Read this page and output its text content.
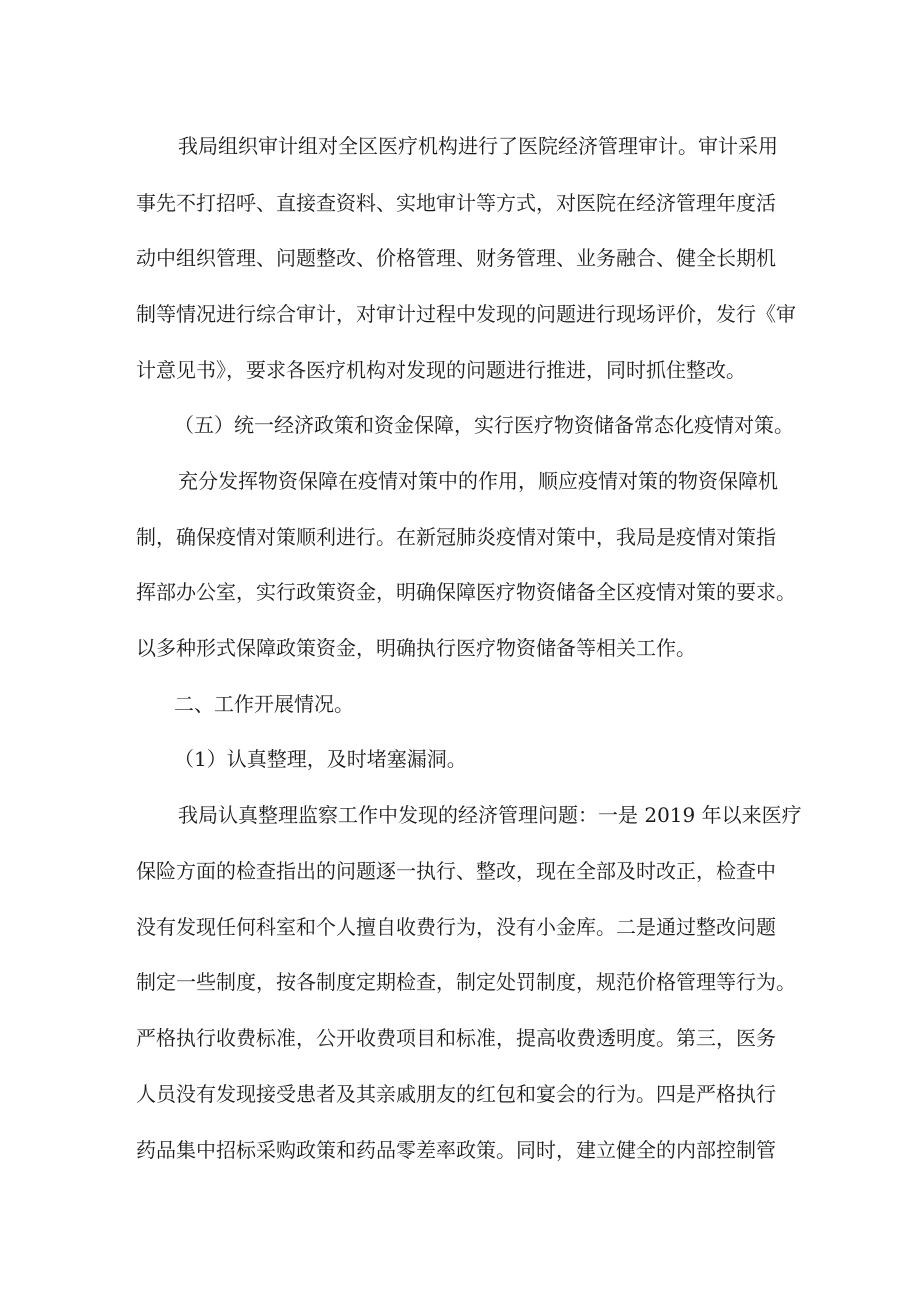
我局组织审计组对全区医疗机构进行了医院经济管理审计。审计采用
事先不打招呼、直接查资料、实地审计等方式，对医院在经济管理年度活
动中组织管理、问题整改、价格管理、财务管理、业务融合、健全长期机
制等情况进行综合审计，对审计过程中发现的问题进行现场评价，发行《审
计意见书》，要求各医疗机构对发现的问题进行推进，同时抓住整改。
（五）统一经济政策和资金保障，实行医疗物资储备常态化疫情对策。
充分发挥物资保障在疫情对策中的作用，顺应疫情对策的物资保障机
制，确保疫情对策顺利进行。在新冠肺炎疫情对策中，我局是疫情对策指
挥部办公室，实行政策资金，明确保障医疗物资储备全区疫情对策的要求。
以多种形式保障政策资金，明确执行医疗物资储备等相关工作。
二、工作开展情况。
（1）认真整理，及时堵塞漏洞。
我局认真整理监察工作中发现的经济管理问题：一是 2019 年以来医疗
保险方面的检查指出的问题逐一执行、整改，现在全部及时改正，检查中
没有发现任何科室和个人擅自收费行为，没有小金库。二是通过整改问题
制定一些制度，按各制度定期检查，制定处罚制度，规范价格管理等行为。
严格执行收费标准，公开收费项目和标准，提高收费透明度。第三，医务
人员没有发现接受患者及其亲戚朋友的红包和宴会的行为。四是严格执行
药品集中招标采购政策和药品零差率政策。同时，建立健全的内部控制管
